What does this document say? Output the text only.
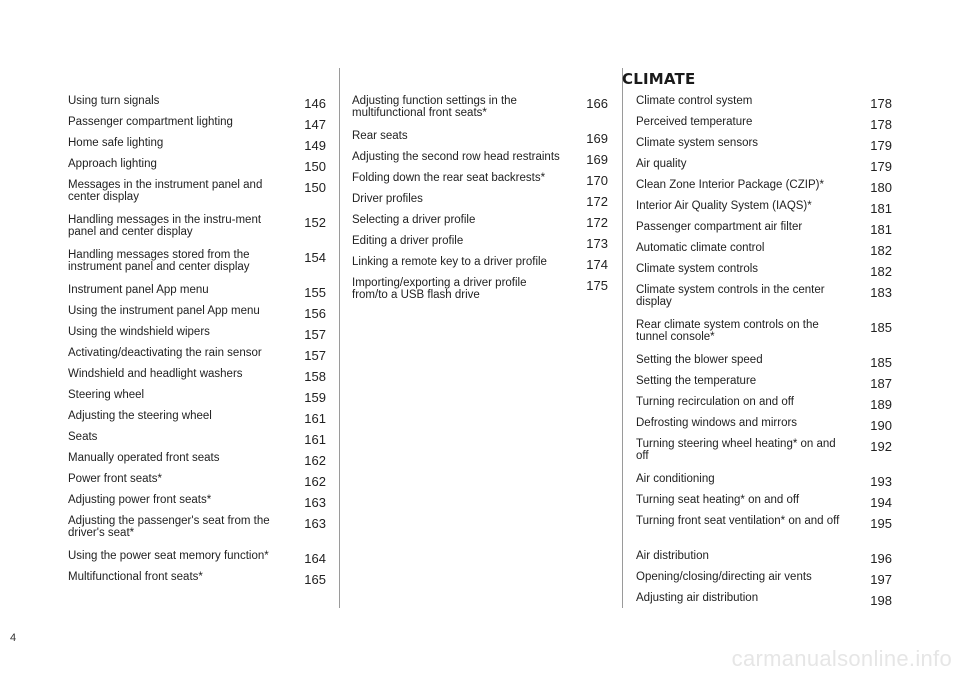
CLIMATE
Using turn signals	146
Passenger compartment lighting	147
Home safe lighting	149
Approach lighting	150
Messages in the instrument panel and center display
150
Handling messages in the instru-ment panel and center display
152
Handling messages stored from the instrument panel and center display
154
Instrument panel App menu	155
Using the instrument panel App menu	156
Using the windshield wipers	157
Activating/deactivating the rain sensor	157
Windshield and headlight washers	158
Steering wheel	159
Adjusting the steering wheel	161
Seats	161
Manually operated front seats	162
Power front seats*	162
Adjusting power front seats*	163
Adjusting the passenger's seat from the driver's seat*
163
Using the power seat memory function*	164
Multifunctional front seats*	165
Adjusting function settings in the multifunctional front seats*
166
Rear seats	169
Adjusting the second row head restraints 169
Folding down the rear seat backrests*	170
Driver profiles	172
Selecting a driver profile	172
Editing a driver profile	173
Linking a remote key to a driver profile	174
Importing/exporting a driver profile from/to a USB flash drive
175
Climate control system	178
Perceived temperature	178
Climate system sensors	179
Air quality	179
Clean Zone Interior Package (CZIP)*	180
Interior Air Quality System (IAQS)*	181
Passenger compartment air filter	181
Automatic climate control	182
Climate system controls	182
Climate system controls in the center display
183
Rear climate system controls on the tunnel console*
185
Setting the blower speed	185
Setting the temperature	187
Turning recirculation on and off	189
Defrosting windows and mirrors	190
Turning steering wheel heating* on and off
192
Air conditioning	193
Turning seat heating* on and off	194
Turning front seat ventilation* on and off	195
Air distribution	196
Opening/closing/directing air vents	197
Adjusting air distribution	198
4
carmanualsonline.info
